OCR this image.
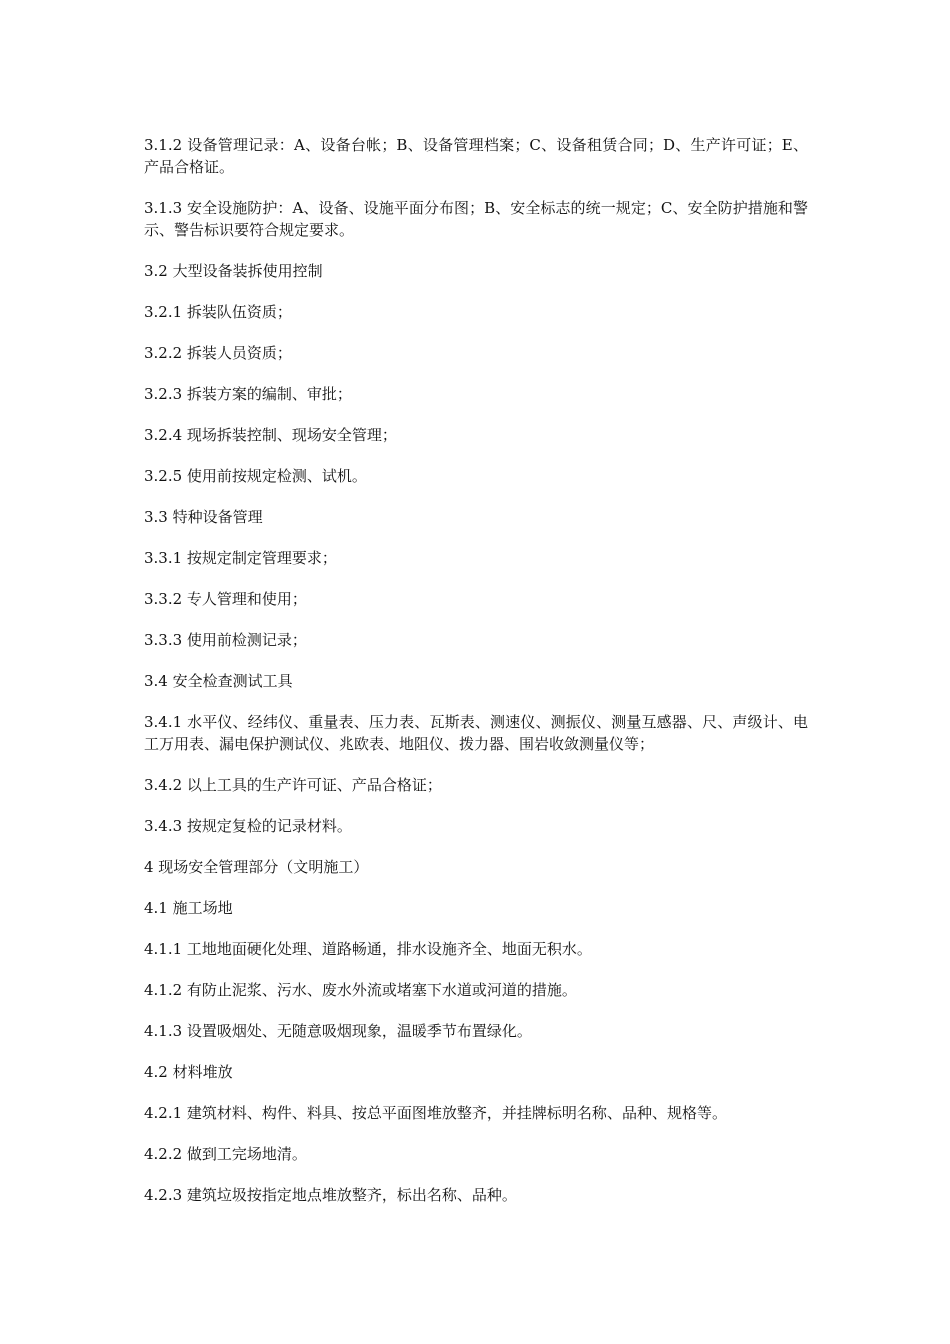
3.1.2 设备管理记录：A、设备台帐；B、设备管理档案；C、设备租赁合同；D、生产许可证；E、产品合格证。

3.1.3 安全设施防护：A、设备、设施平面分布图；B、安全标志的统一规定；C、安全防护措施和警示、警告标识要符合规定要求。

3.2 大型设备装拆使用控制

3.2.1 拆装队伍资质；

3.2.2 拆装人员资质；

3.2.3 拆装方案的编制、审批；

3.2.4 现场拆装控制、现场安全管理；

3.2.5 使用前按规定检测、试机。

3.3 特种设备管理

3.3.1 按规定制定管理要求；

3.3.2 专人管理和使用；

3.3.3 使用前检测记录；

3.4 安全检查测试工具

3.4.1 水平仪、经纬仪、重量表、压力表、瓦斯表、测速仪、测振仪、测量互感器、尺、声级计、电工万用表、漏电保护测试仪、兆欧表、地阻仪、拨力器、围岩收敛测量仪等；

3.4.2 以上工具的生产许可证、产品合格证；

3.4.3 按规定复检的记录材料。

4 现场安全管理部分（文明施工）

4.1 施工场地

4.1.1 工地地面硬化处理、道路畅通，排水设施齐全、地面无积水。

4.1.2 有防止泥浆、污水、废水外流或堵塞下水道或河道的措施。

4.1.3 设置吸烟处、无随意吸烟现象，温暖季节布置绿化。

4.2 材料堆放

4.2.1 建筑材料、构件、料具、按总平面图堆放整齐，并挂牌标明名称、品种、规格等。

4.2.2 做到工完场地清。

4.2.3 建筑垃圾按指定地点堆放整齐，标出名称、品种。
